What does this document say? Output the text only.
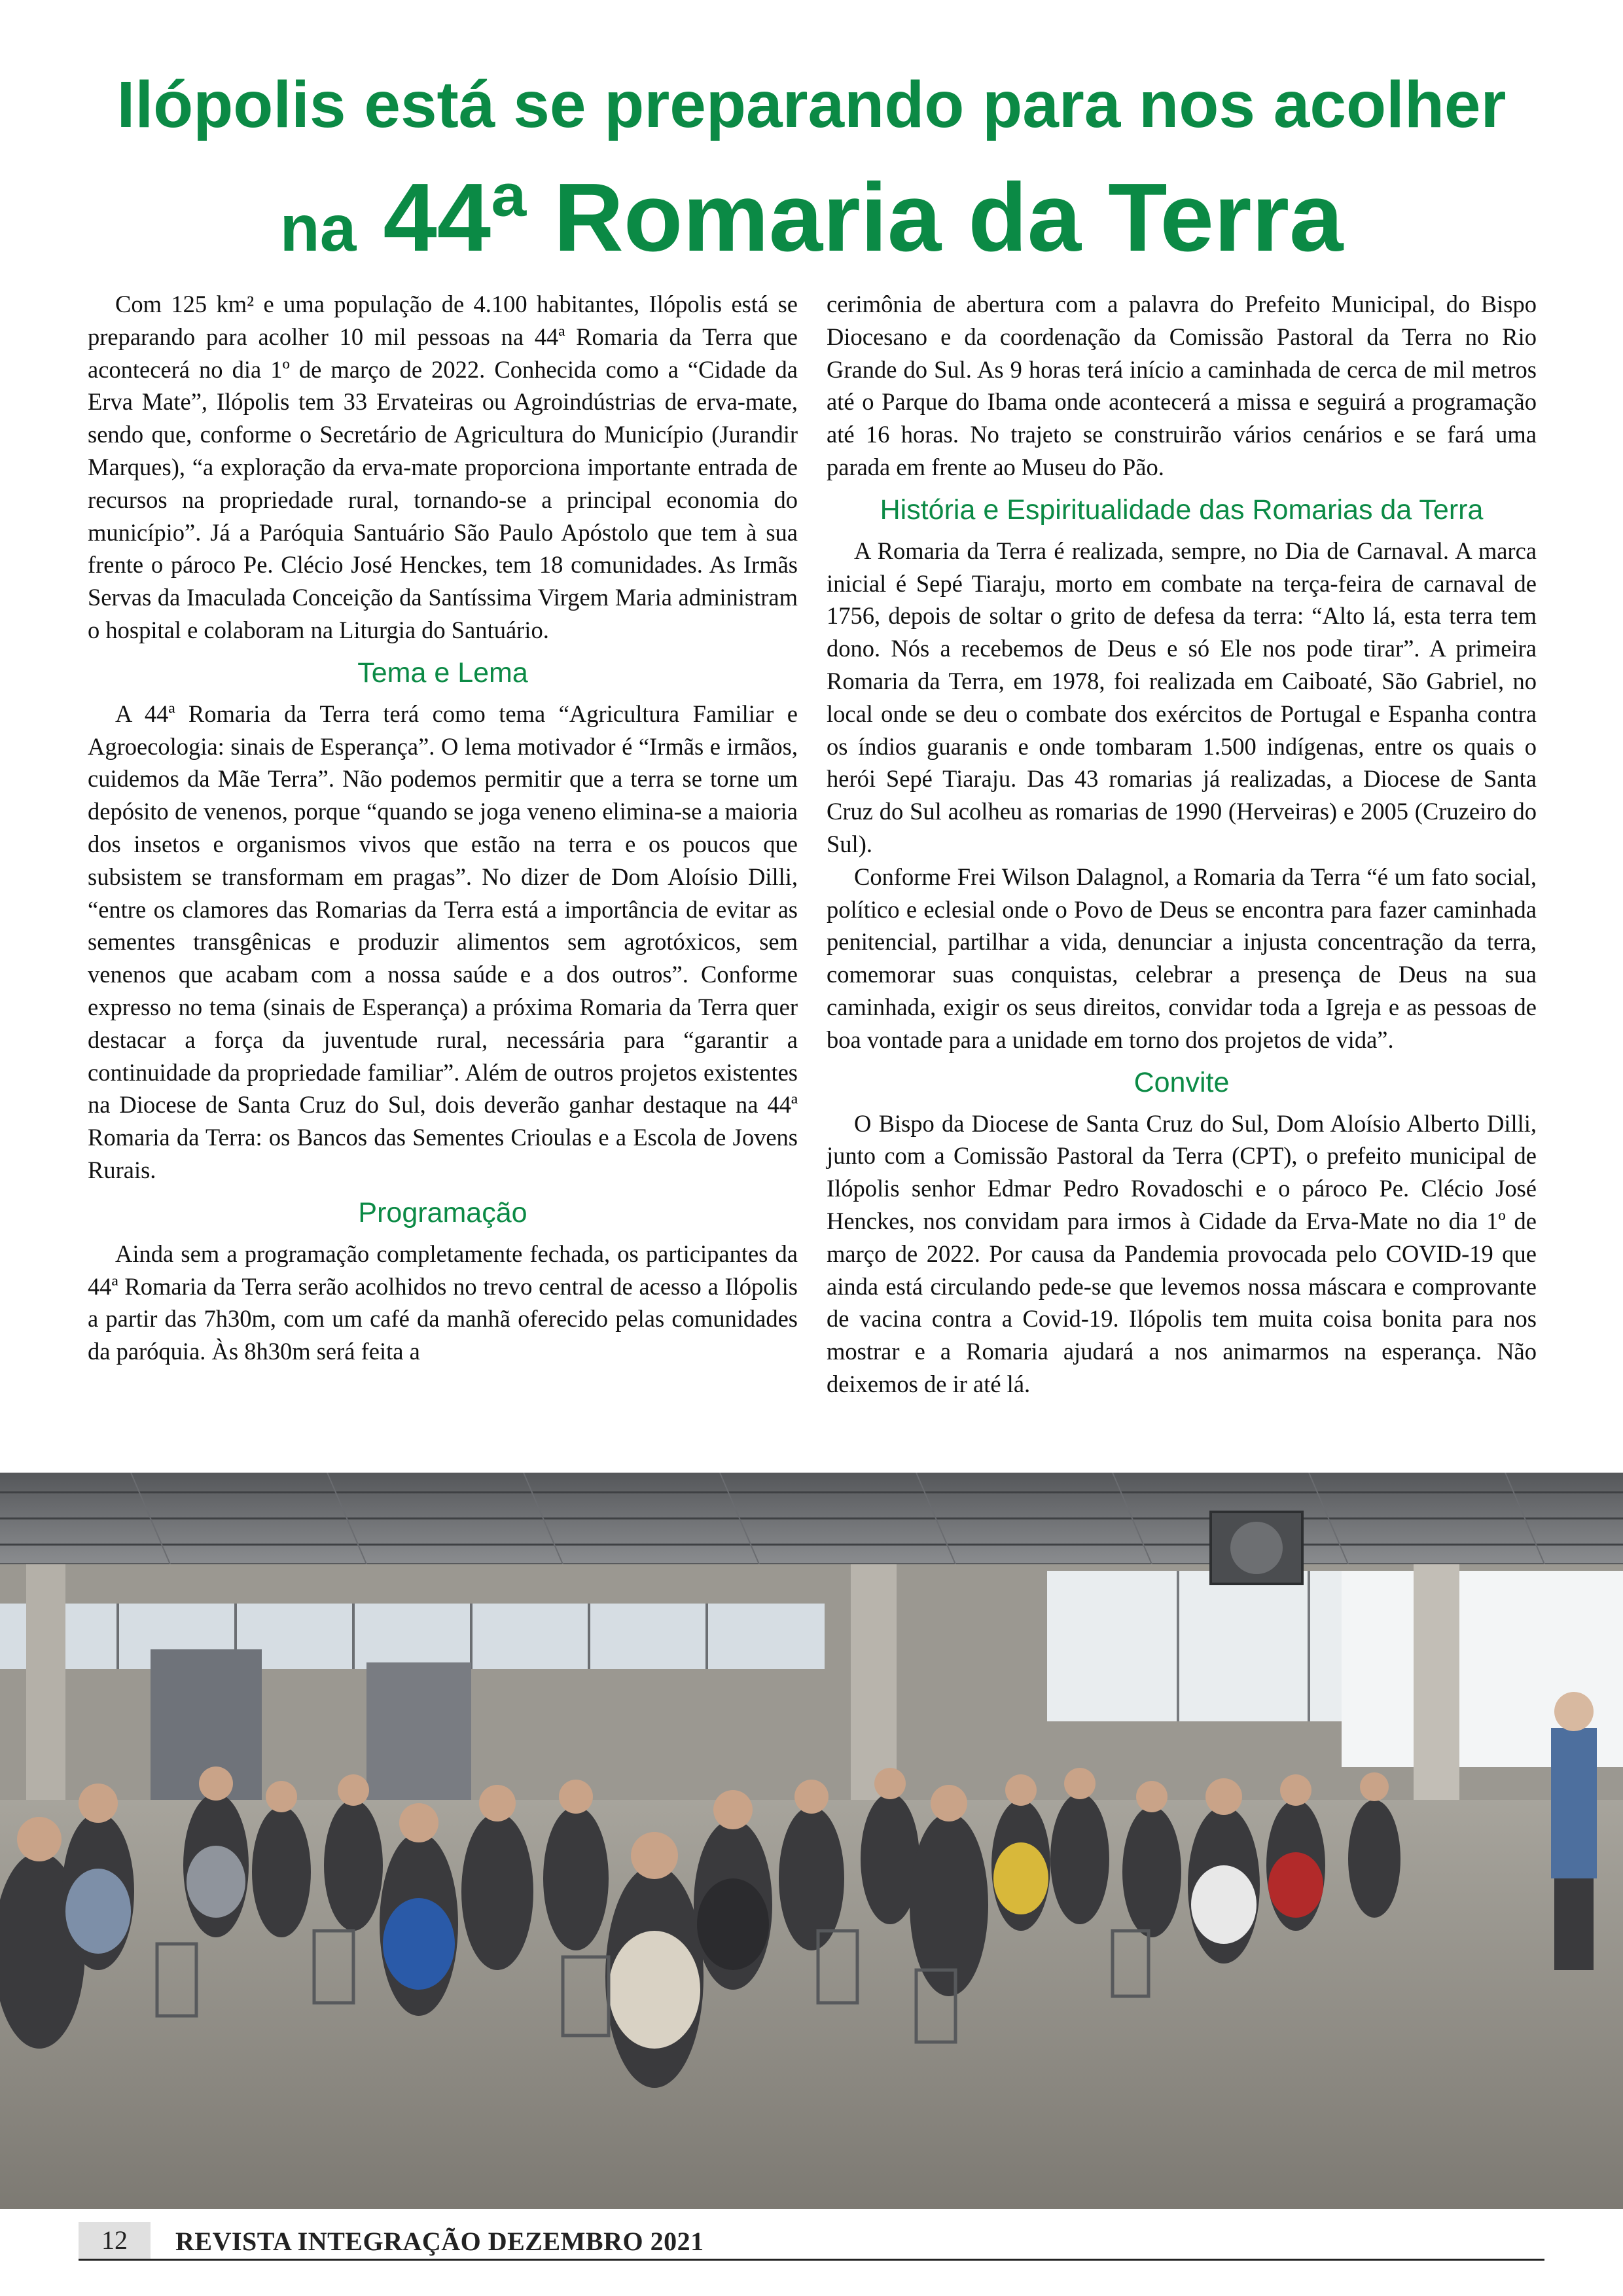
Ilópolis está se preparando para nos acolher
na 44ª Romaria da Terra

Com 125 km² e uma população de 4.100 habitantes, Ilópolis está se preparando para acolher 10 mil pessoas na 44ª Romaria da Terra que acontecerá no dia 1º de março de 2022. Conhecida como a “Cidade da Erva Mate”, Ilópolis tem 33 Ervateiras ou Agroindústrias de erva-mate, sendo que, conforme o Secretário de Agricultura do Município (Jurandir Marques), “a exploração da erva-mate proporciona importante entrada de recursos na propriedade rural, tornando-se a principal economia do município”. Já a Paróquia Santuário São Paulo Apóstolo que tem à sua frente o pároco Pe. Clécio José Henckes, tem 18 comunidades. As Irmãs Servas da Imaculada Conceição da Santíssima Virgem Maria administram o hospital e colaboram na Liturgia do Santuário.

Tema e Lema

A 44ª Romaria da Terra terá como tema “Agricultura Familiar e Agroecologia: sinais de Esperança”. O lema motivador é “Irmãs e irmãos, cuidemos da Mãe Terra”. Não podemos permitir que a terra se torne um depósito de venenos, porque “quando se joga veneno elimina-se a maioria dos insetos e organismos vivos que estão na terra e os poucos que subsistem se transformam em pragas”. No dizer de Dom Aloísio Dilli, “entre os clamores das Romarias da Terra está a importância de evitar as sementes transgênicas e produzir alimentos sem agrotóxicos, sem venenos que acabam com a nossa saúde e a dos outros”. Conforme expresso no tema (sinais de Esperança) a próxima Romaria da Terra quer destacar a força da juventude rural, necessária para “garantir a continuidade da propriedade familiar”. Além de outros projetos existentes na Diocese de Santa Cruz do Sul, dois deverão ganhar destaque na 44ª Romaria da Terra: os Bancos das Sementes Crioulas e a Escola de Jovens Rurais.

Programação

Ainda sem a programação completamente fechada, os participantes da 44ª Romaria da Terra serão acolhidos no trevo central de acesso a Ilópolis a partir das 7h30m, com um café da manhã oferecido pelas comunidades da paróquia. Às 8h30m será feita a

cerimônia de abertura com a palavra do Prefeito Municipal, do Bispo Diocesano e da coordenação da Comissão Pastoral da Terra no Rio Grande do Sul. As 9 horas terá início a caminhada de cerca de mil metros até o Parque do Ibama onde acontecerá a missa e seguirá a programação até 16 horas. No trajeto se construirão vários cenários e se fará uma parada em frente ao Museu do Pão.

História e Espiritualidade das Romarias da Terra

A Romaria da Terra é realizada, sempre, no Dia de Carnaval. A marca inicial é Sepé Tiaraju, morto em combate na terça-feira de carnaval de 1756, depois de soltar o grito de defesa da terra: “Alto lá, esta terra tem dono. Nós a recebemos de Deus e só Ele nos pode tirar”. A primeira Romaria da Terra, em 1978, foi realizada em Caiboaté, São Gabriel, no local onde se deu o combate dos exércitos de Portugal e Espanha contra os índios guaranis e onde tombaram 1.500 indígenas, entre os quais o herói Sepé Tiaraju. Das 43 romarias já realizadas, a Diocese de Santa Cruz do Sul acolheu as romarias de 1990 (Herveiras) e 2005 (Cruzeiro do Sul).

Conforme Frei Wilson Dalagnol, a Romaria da Terra “é um fato social, político e eclesial onde o Povo de Deus se encontra para fazer caminhada penitencial, partilhar a vida, denunciar a injusta concentração da terra, comemorar suas conquistas, celebrar a presença de Deus na sua caminhada, exigir os seus direitos, convidar toda a Igreja e as pessoas de boa vontade para a unidade em torno dos projetos de vida”.

Convite

O Bispo da Diocese de Santa Cruz do Sul, Dom Aloísio Alberto Dilli, junto com a Comissão Pastoral da Terra (CPT), o prefeito municipal de Ilópolis senhor Edmar Pedro Rovadoschi e o pároco Pe. Clécio José Henckes, nos convidam para irmos à Cidade da Erva-Mate no dia 1º de março de 2022. Por causa da Pandemia provocada pelo COVID-19 que ainda está circulando pede-se que levemos nossa máscara e comprovante de vacina contra a Covid-19. Ilópolis tem muita coisa bonita para nos mostrar e a Romaria ajudará a nos animarmos na esperança. Não deixemos de ir até lá.

12	REVISTA INTEGRAÇÃO DEZEMBRO 2021
